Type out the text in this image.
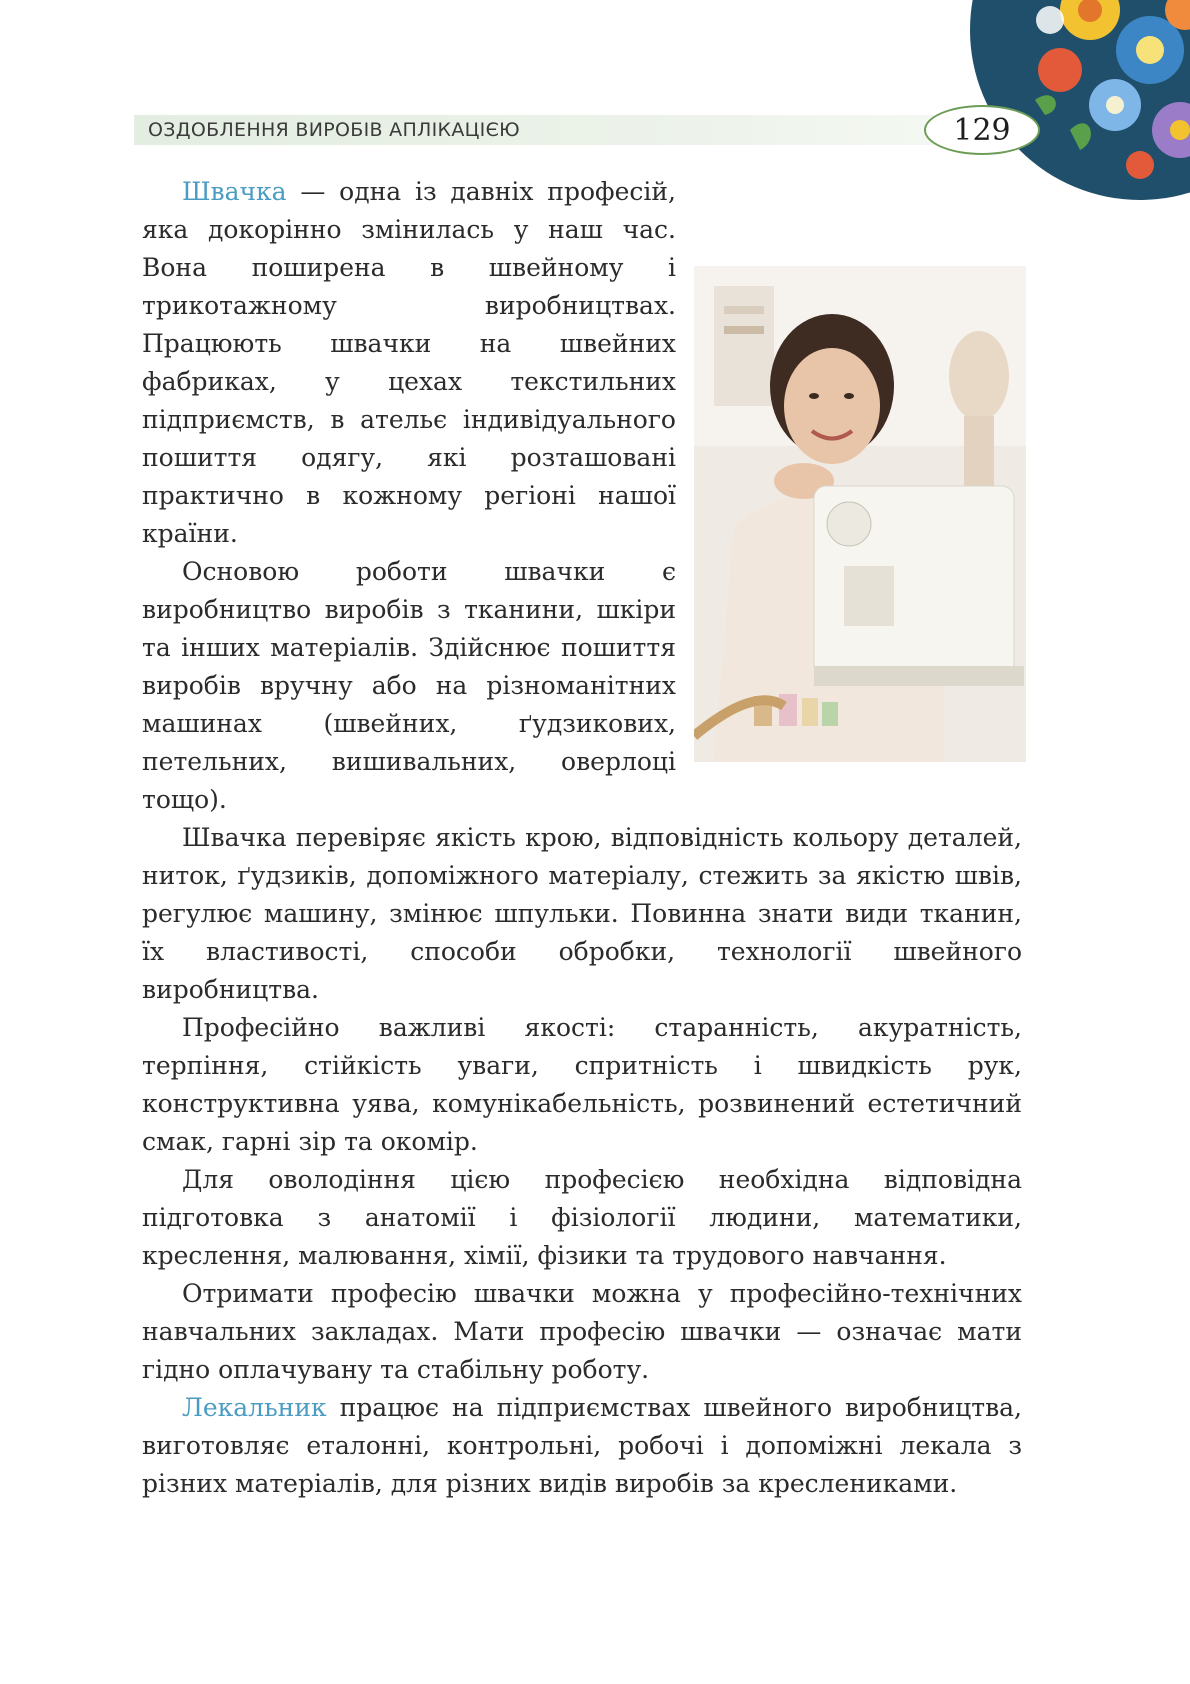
ОЗДОБЛЕННЯ ВИРОБІВ АПЛІКАЦІЄЮ	129

Швачка — одна із давніх професій, яка докорінно змінилась у наш час. Вона поширена в швейному і трикотажному виробництвах. Працюють швачки на швейних фабриках, у цехах текстильних підприємств, в ательє індивідуального пошиття одягу, які розташовані практично в кожному регіоні нашої країни.

Основою роботи швачки є виробництво виробів з тканини, шкіри та інших матеріалів. Здійснює пошиття виробів вручну або на різноманітних машинах (швейних, ґудзикових, петельних, вишивальних, оверлоці тощо).

Швачка перевіряє якість крою, відповідність кольору деталей, ниток, ґудзиків, допоміжного матеріалу, стежить за якістю швів, регулює машину, змінює шпульки. Повинна знати види тканин, їх властивості, способи обробки, технології швейного виробництва.

Професійно важливі якості: старанність, акуратність, терпіння, стійкість уваги, спритність і швидкість рук, конструктивна уява, комунікабельність, розвинений естетичний смак, гарні зір та окомір.

Для оволодіння цією професією необхідна відповідна підготовка з анатомії і фізіології людини, математики, креслення, малювання, хімії, фізики та трудового навчання.

Отримати професію швачки можна у професійно-технічних навчальних закладах. Мати професію швачки — означає мати гідно оплачувану та стабільну роботу.

Лекальник працює на підприємствах швейного виробництва, виготовляє еталонні, контрольні, робочі і допоміжні лекала з різних матеріалів, для різних видів виробів за креслениками.
